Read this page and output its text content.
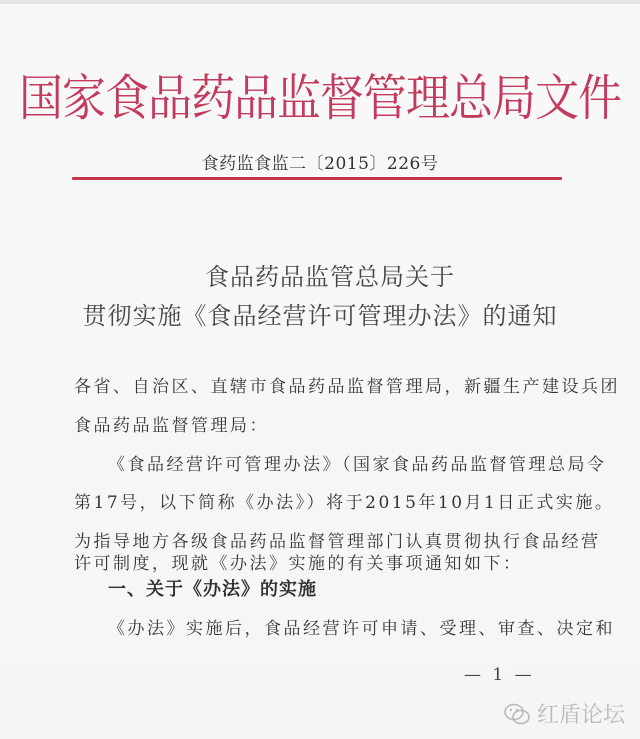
国家食品药品监督管理总局文件
食药监食监二〔2015〕226号
食品药品监管总局关于
贯彻实施《食品经营许可管理办法》的通知
各省、自治区、直辖市食品药品监督管理局，新疆生产建设兵团
食品药品监督管理局：
《食品经营许可管理办法》（国家食品药品监督管理总局令
第17号，以下简称《办法》）将于2015年10月1日正式实施。
为指导地方各级食品药品监督管理部门认真贯彻执行食品经营
许可制度，现就《办法》实施的有关事项通知如下：
一、关于《办法》的实施
《办法》实施后，食品经营许可申请、受理、审查、决定和
— 1 —
红盾论坛
